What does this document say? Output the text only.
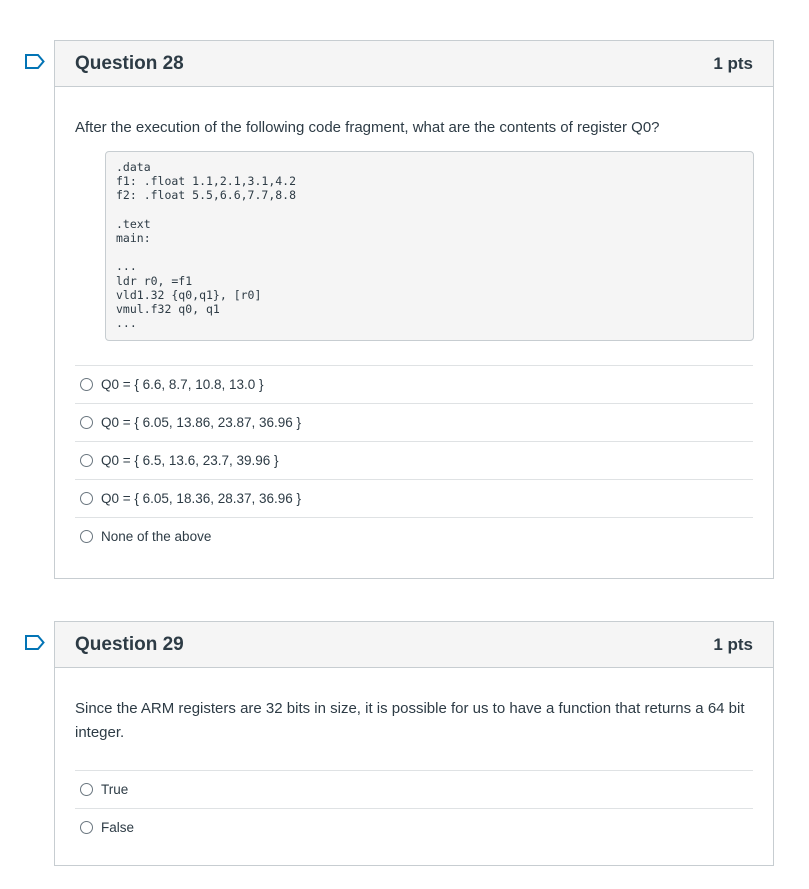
Question 28	1 pts

After the execution of the following code fragment, what are the contents of register Q0?

.data
f1: .float 1.1,2.1,3.1,4.2
f2: .float 5.5,6.6,7.7,8.8

.text
main:

...
ldr r0, =f1
vld1.32 {q0,q1}, [r0]
vmul.f32 q0, q1
...
Q0 = { 6.6, 8.7, 10.8, 13.0 }
Q0 = { 6.05, 13.86, 23.87, 36.96 }
Q0 = { 6.5, 13.6, 23.7, 39.96 }
Q0 = { 6.05, 18.36, 28.37, 36.96 }
None of the above
Question 29	1 pts

Since the ARM registers are 32 bits in size, it is possible for us to have a function that returns a 64 bit integer.

True
False
